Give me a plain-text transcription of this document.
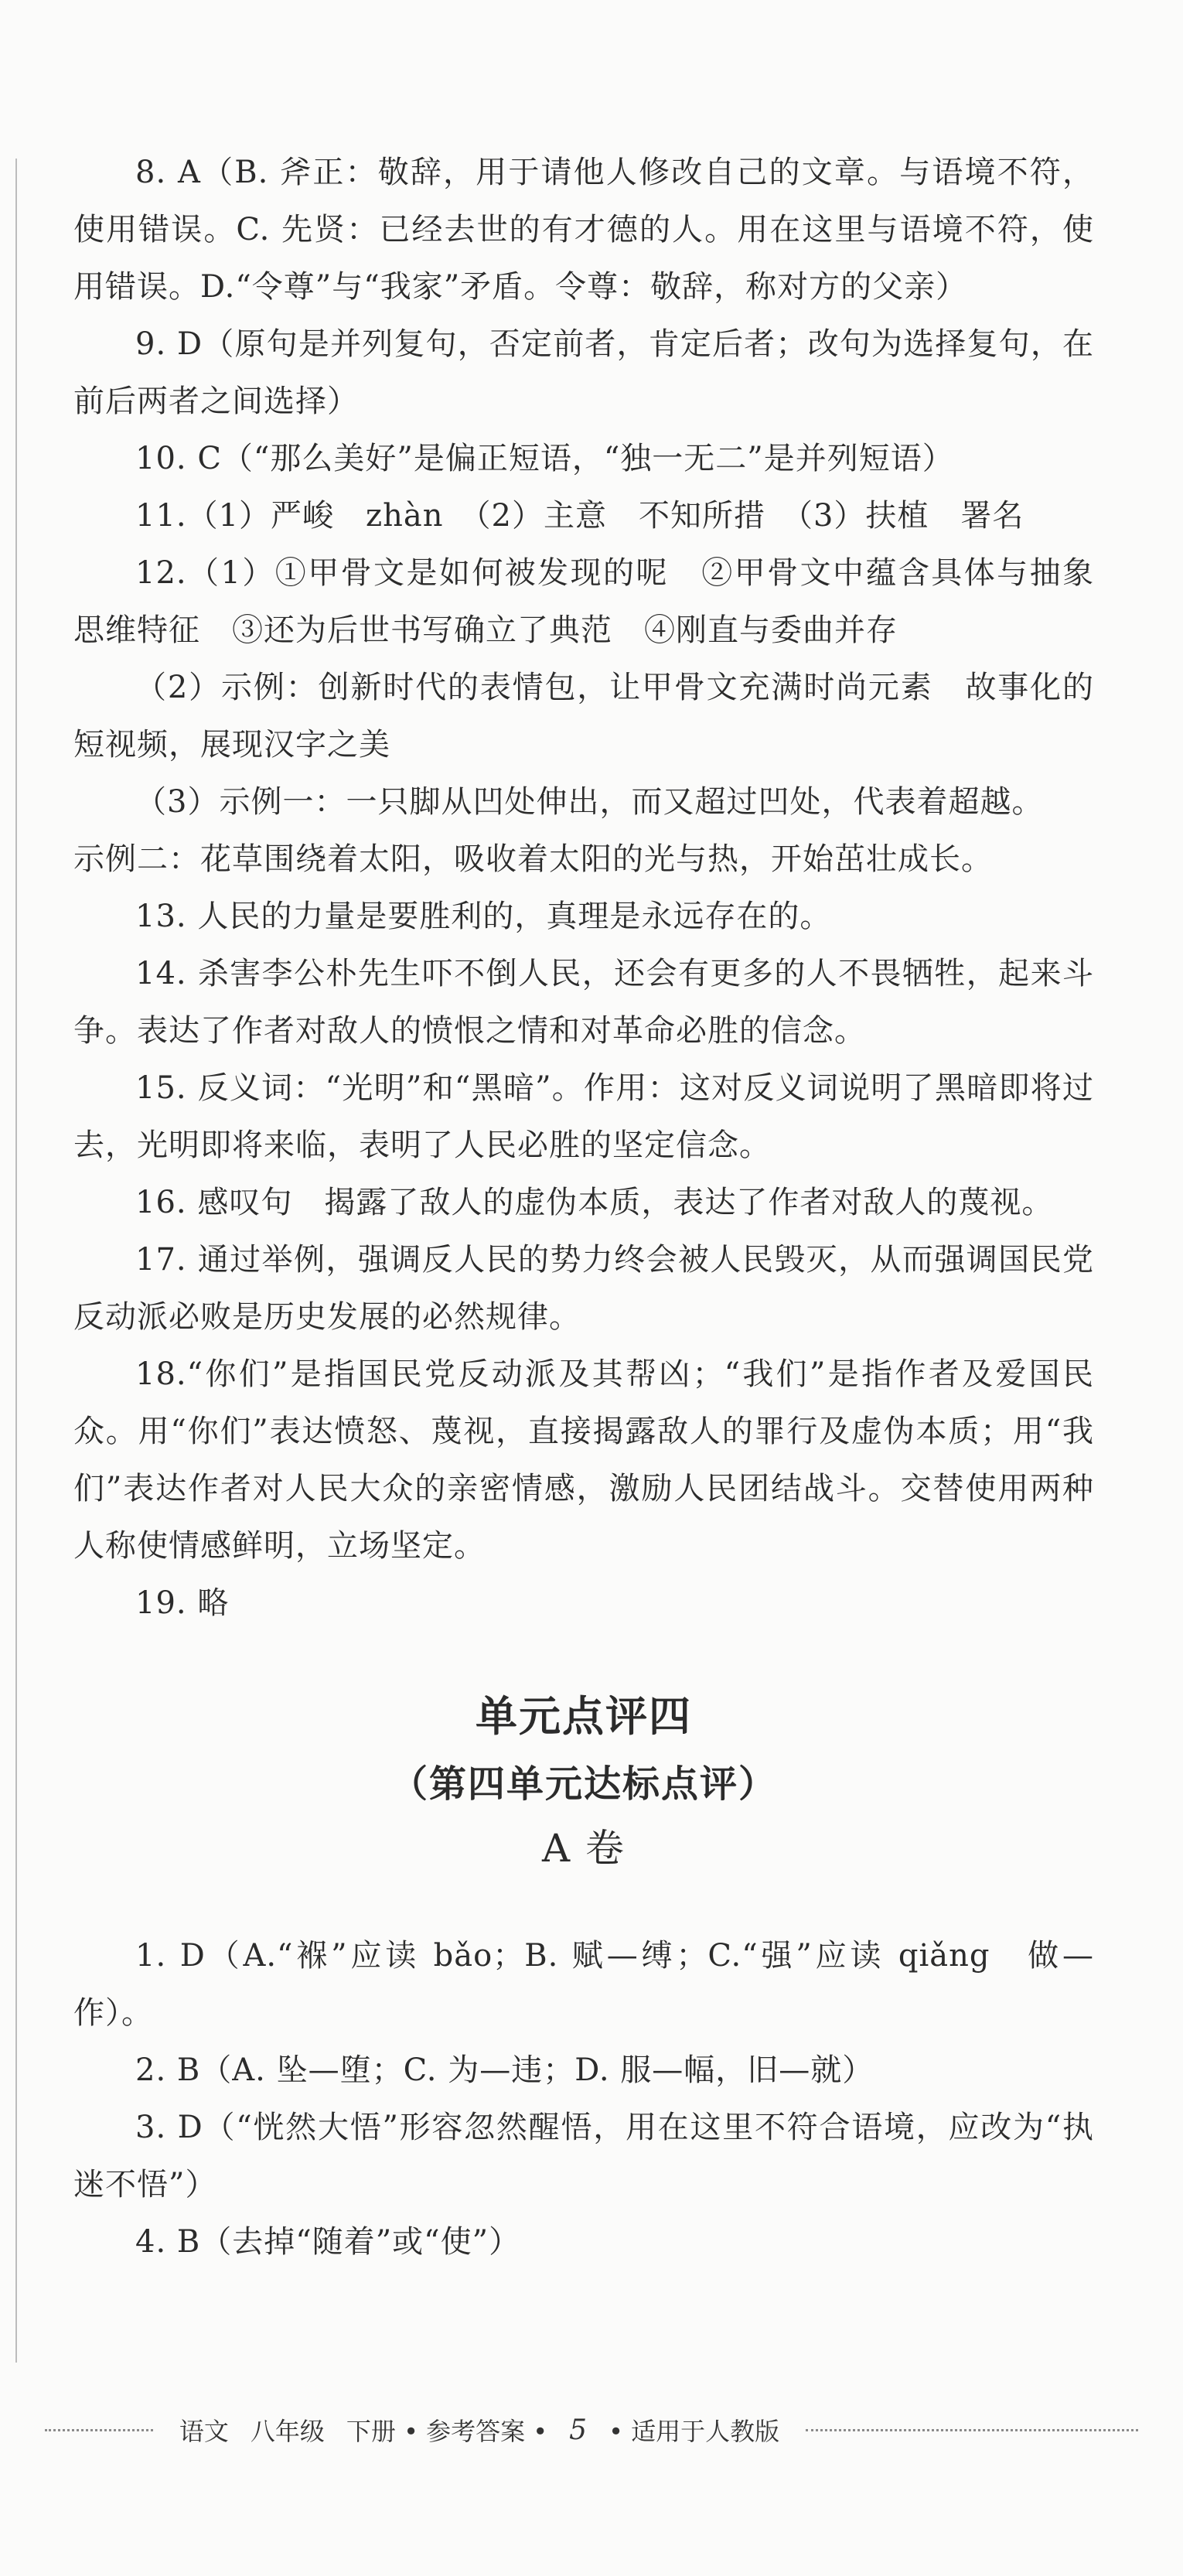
8. A（B. 斧正：敬辞，用于请他人修改自己的文章。与语境不符，使用错误。C. 先贤：已经去世的有才德的人。用在这里与语境不符，使用错误。D.“令尊”与“我家”矛盾。令尊：敬辞，称对方的父亲）

9. D（原句是并列复句，否定前者，肯定后者；改句为选择复句，在前后两者之间选择）

10. C（“那么美好”是偏正短语，“独一无二”是并列短语）

11.（1）严峻　zhàn　（2）主意　不知所措　（3）扶植　署名

12.（1）①甲骨文是如何被发现的呢　②甲骨文中蕴含具体与抽象思维特征　③还为后世书写确立了典范　④刚直与委曲并存

（2）示例：创新时代的表情包，让甲骨文充满时尚元素　故事化的短视频，展现汉字之美

（3）示例一：一只脚从凹处伸出，而又超过凹处，代表着超越。

示例二：花草围绕着太阳，吸收着太阳的光与热，开始茁壮成长。

13. 人民的力量是要胜利的，真理是永远存在的。

14. 杀害李公朴先生吓不倒人民，还会有更多的人不畏牺牲，起来斗争。表达了作者对敌人的愤恨之情和对革命必胜的信念。

15. 反义词：“光明”和“黑暗”。作用：这对反义词说明了黑暗即将过去，光明即将来临，表明了人民必胜的坚定信念。

16. 感叹句　揭露了敌人的虚伪本质，表达了作者对敌人的蔑视。

17. 通过举例，强调反人民的势力终会被人民毁灭，从而强调国民党反动派必败是历史发展的必然规律。

18.“你们”是指国民党反动派及其帮凶；“我们”是指作者及爱国民众。用“你们”表达愤怒、蔑视，直接揭露敌人的罪行及虚伪本质；用“我们”表达作者对人民大众的亲密情感，激励人民团结战斗。交替使用两种人称使情感鲜明，立场坚定。

19. 略

单元点评四
（第四单元达标点评）
A 卷

1. D（A.“褓”应读 bǎo；B. 赋—缚；C.“强”应读 qiǎng　做—作）。

2. B（A. 坠—堕；C. 为—违；D. 服—幅，旧—就）

3. D（“恍然大悟”形容忽然醒悟，用在这里不符合语境，应改为“执迷不悟”）

4. B（去掉“随着”或“使”）

语文 八年级 下册 • 参考答案 • 5 • 适用于人教版
